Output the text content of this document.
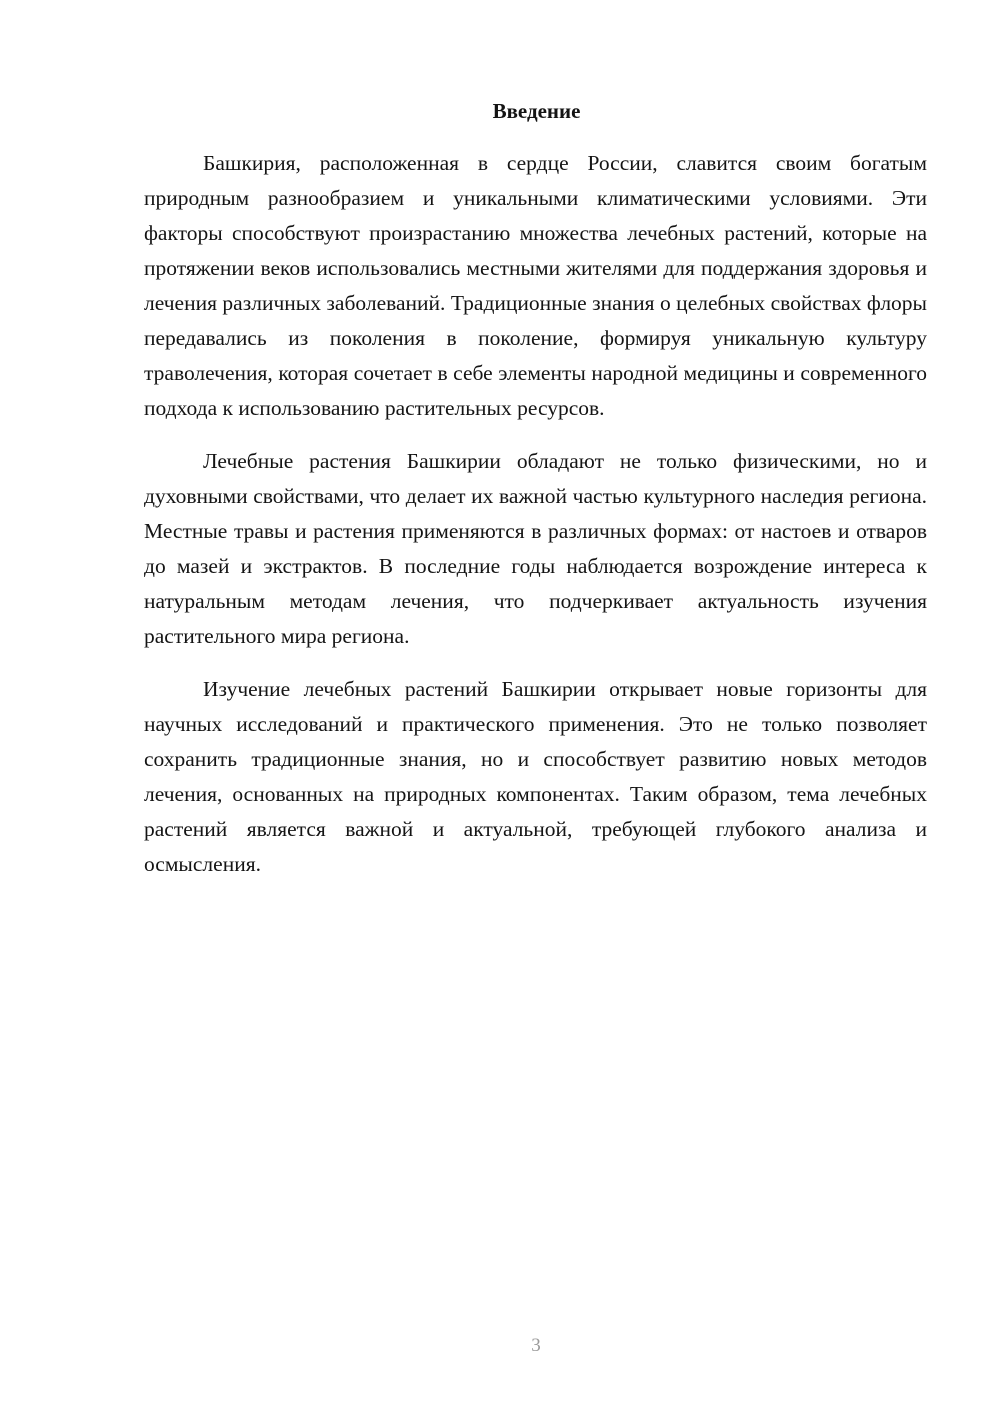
Введение

Башкирия, расположенная в сердце России, славится своим богатым природным разнообразием и уникальными климатическими условиями. Эти факторы способствуют произрастанию множества лечебных растений, которые на протяжении веков использовались местными жителями для поддержания здоровья и лечения различных заболеваний. Традиционные знания о целебных свойствах флоры передавались из поколения в поколение, формируя уникальную культуру траволечения, которая сочетает в себе элементы народной медицины и современного подхода к использованию растительных ресурсов.

Лечебные растения Башкирии обладают не только физическими, но и духовными свойствами, что делает их важной частью культурного наследия региона. Местные травы и растения применяются в различных формах: от настоев и отваров до мазей и экстрактов. В последние годы наблюдается возрождение интереса к натуральным методам лечения, что подчеркивает актуальность изучения растительного мира региона.

Изучение лечебных растений Башкирии открывает новые горизонты для научных исследований и практического применения. Это не только позволяет сохранить традиционные знания, но и способствует развитию новых методов лечения, основанных на природных компонентах. Таким образом, тема лечебных растений является важной и актуальной, требующей глубокого анализа и осмысления.

3
